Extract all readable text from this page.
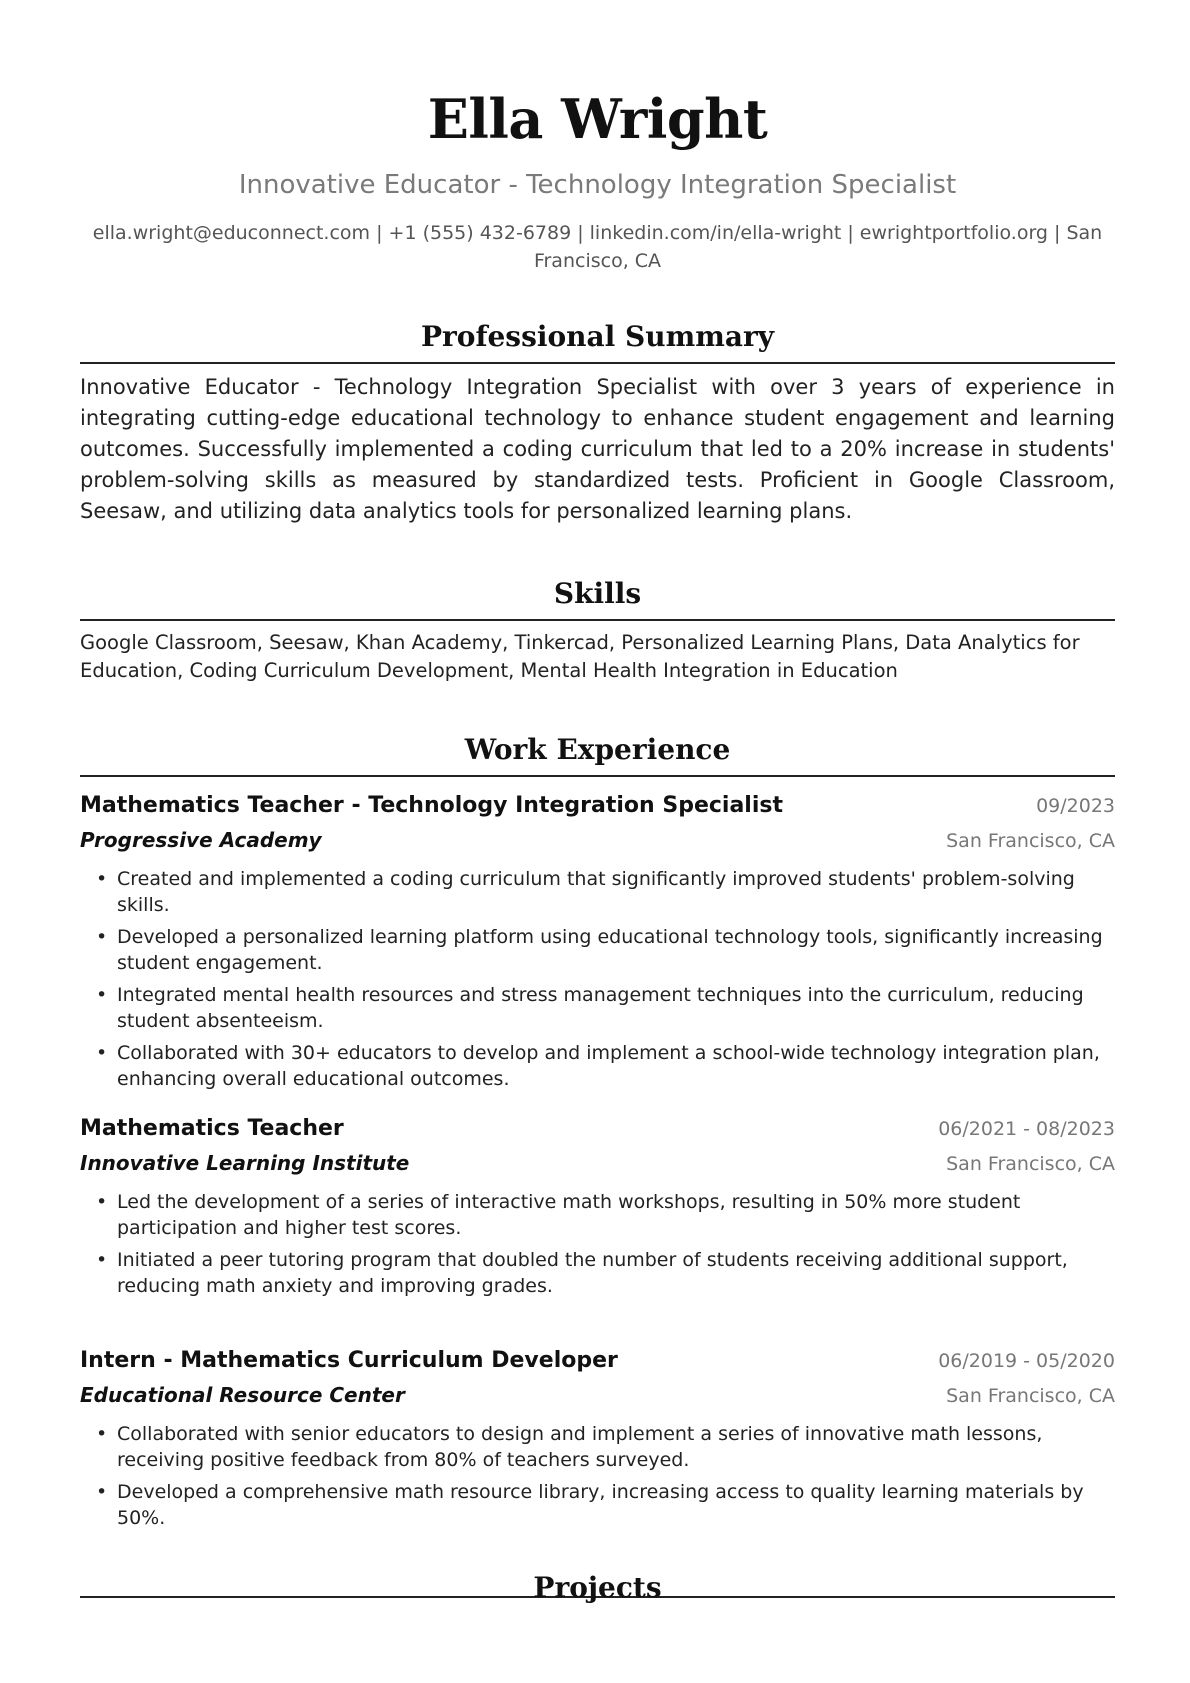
Ella Wright
Innovative Educator - Technology Integration Specialist
ella.wright@educonnect.com | +1 (555) 432-6789 | linkedin.com/in/ella-wright | ewrightportfolio.org | San
Francisco, CA
Professional Summary
Innovative Educator - Technology Integration Specialist with over 3 years of experience in integrating cutting-edge educational technology to enhance student engagement and learning outcomes. Successfully implemented a coding curriculum that led to a 20% increase in students' problem-solving skills as measured by standardized tests. Proficient in Google Classroom, Seesaw, and utilizing data analytics tools for personalized learning plans.
Skills
Google Classroom, Seesaw, Khan Academy, Tinkercad, Personalized Learning Plans, Data Analytics for Education, Coding Curriculum Development, Mental Health Integration in Education
Work Experience
Mathematics Teacher - Technology Integration Specialist	09/2023
Progressive Academy	San Francisco, CA
• Created and implemented a coding curriculum that significantly improved students' problem-solving skills.
• Developed a personalized learning platform using educational technology tools, significantly increasing student engagement.
• Integrated mental health resources and stress management techniques into the curriculum, reducing student absenteeism.
• Collaborated with 30+ educators to develop and implement a school-wide technology integration plan, enhancing overall educational outcomes.
Mathematics Teacher	06/2021 - 08/2023
Innovative Learning Institute	San Francisco, CA
• Led the development of a series of interactive math workshops, resulting in 50% more student participation and higher test scores.
• Initiated a peer tutoring program that doubled the number of students receiving additional support, reducing math anxiety and improving grades.
Intern - Mathematics Curriculum Developer	06/2019 - 05/2020
Educational Resource Center	San Francisco, CA
• Collaborated with senior educators to design and implement a series of innovative math lessons, receiving positive feedback from 80% of teachers surveyed.
• Developed a comprehensive math resource library, increasing access to quality learning materials by 50%.
Projects
